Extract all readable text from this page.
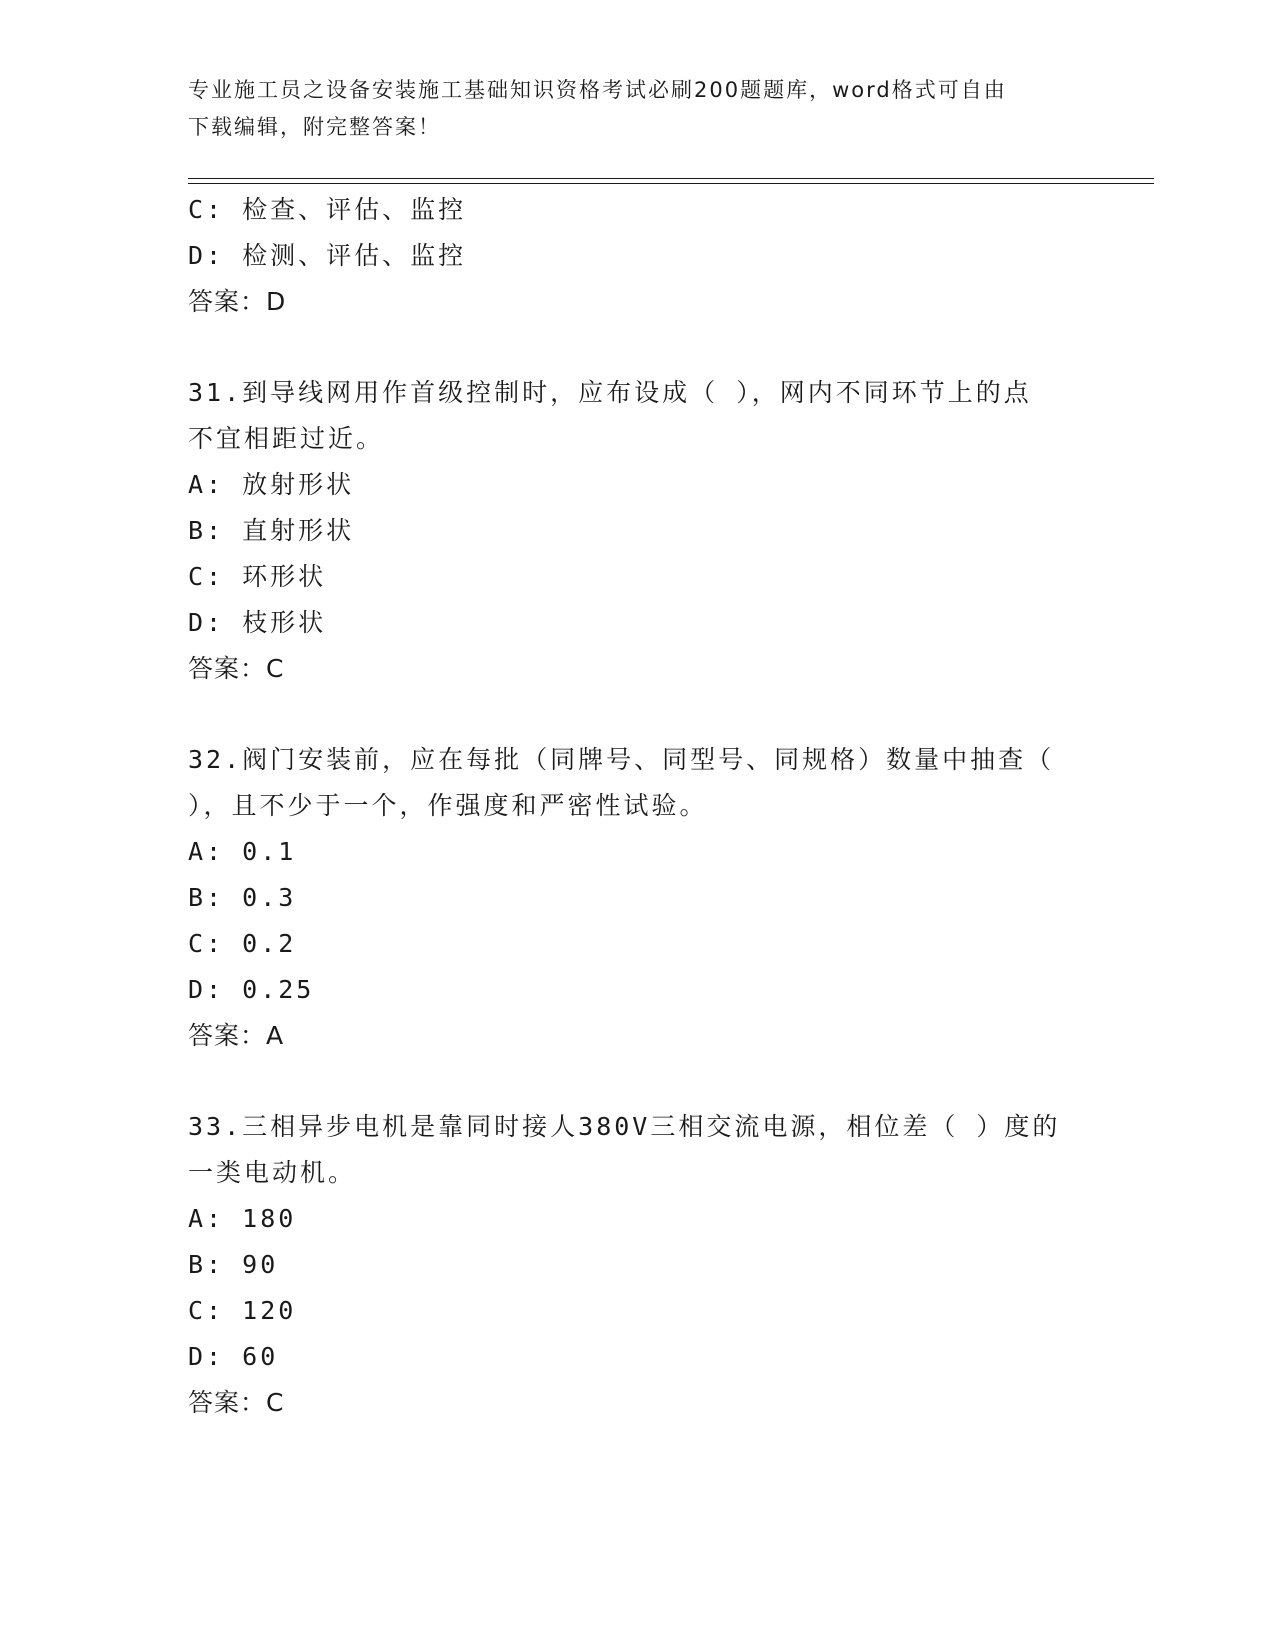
专业施工员之设备安装施工基础知识资格考试必刷200题题库，word格式可自由
下载编辑，附完整答案！
C: 检查、评估、监控
D: 检测、评估、监控
答案：D
31.到导线网用作首级控制时，应布设成（ ），网内不同环节上的点
不宜相距过近。
A: 放射形状
B: 直射形状
C: 环形状
D: 枝形状
答案：C
32.阀门安装前，应在每批（同牌号、同型号、同规格）数量中抽查（
），且不少于一个，作强度和严密性试验。
A: 0.1
B: 0.3
C: 0.2
D: 0.25
答案：A
33.三相异步电机是靠同时接人380V三相交流电源，相位差（ ）度的
一类电动机。
A: 180
B: 90
C: 120
D: 60
答案：C
